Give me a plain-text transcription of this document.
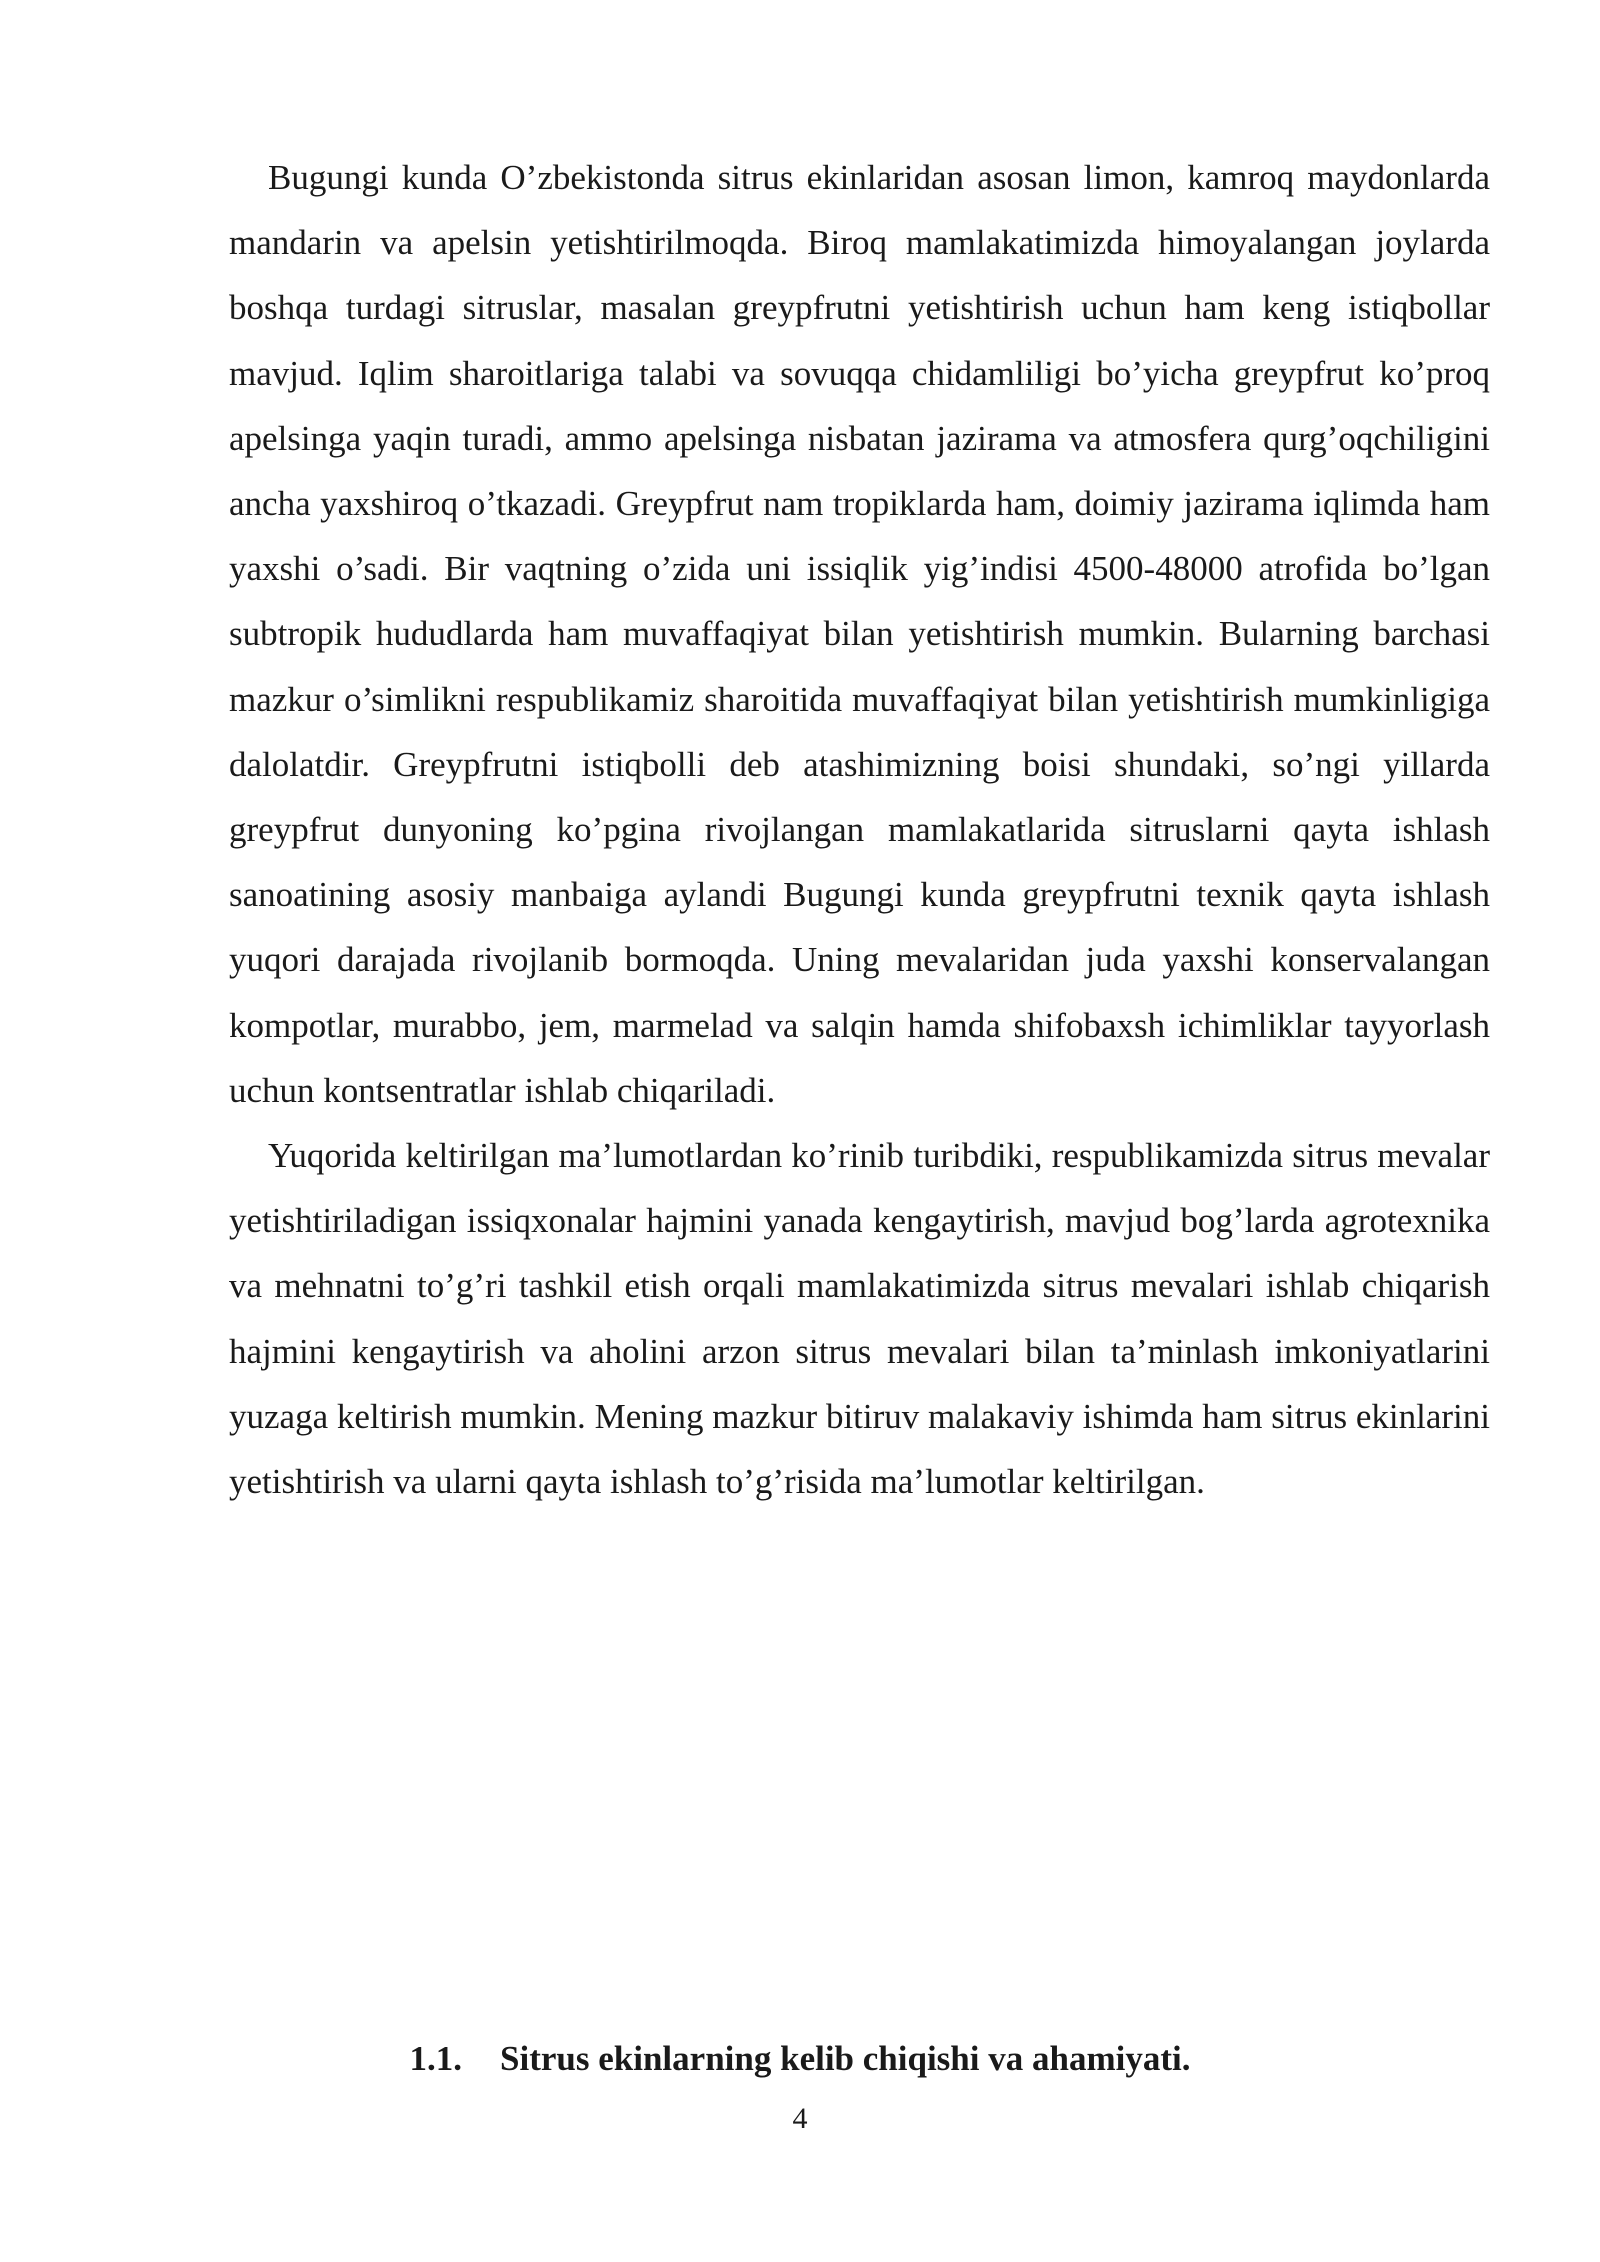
Bugungi kunda O’zbekistonda sitrus ekinlaridan asosan limon, kamroq maydonlarda mandarin va apelsin yetishtirilmoqda. Biroq mamlakatimizda himoyalangan joylarda boshqa turdagi sitruslar, masalan greypfrutni yetishtirish uchun ham keng istiqbollar mavjud. Iqlim sharoitlariga talabi va sovuqqa chidamliligi bo’yicha greypfrut ko’proq apelsinga yaqin turadi, ammo apelsinga nisbatan jazirama va atmosfera qurg’oqchiligini ancha yaxshiroq o’tkazadi. Greypfrut nam tropiklarda ham, doimiy jazirama iqlimda ham yaxshi o’sadi. Bir vaqtning o’zida uni issiqlik yig’indisi 4500-48000 atrofida bo’lgan subtropik hududlarda ham muvaffaqiyat bilan yetishtirish mumkin. Bularning barchasi mazkur o’simlikni respublikamiz sharoitida muvaffaqiyat bilan yetishtirish mumkinligiga dalolatdir. Greypfrutni istiqbolli deb atashimizning boisi shundaki, so’ngi yillarda greypfrut dunyoning ko’pgina rivojlangan mamlakatlarida sitruslarni qayta ishlash sanoatining asosiy manbaiga aylandi Bugungi kunda greypfrutni texnik qayta ishlash yuqori darajada rivojlanib bormoqda. Uning mevalaridan juda yaxshi konservalangan kompotlar, murabbo, jem, marmelad va salqin hamda shifobaxsh ichimliklar tayyorlash uchun kontsentratlar ishlab chiqariladi.

Yuqorida keltirilgan ma’lumotlardan ko’rinib turibdiki, respublikamizda sitrus mevalar yetishtiriladigan issiqxonalar hajmini yanada kengaytirish, mavjud bog’larda agrotexnika va mehnatni to’g’ri tashkil etish orqali mamlakatimizda sitrus mevalari ishlab chiqarish hajmini kengaytirish va aholini arzon sitrus mevalari bilan ta’minlash imkoniyatlarini yuzaga keltirish mumkin. Mening mazkur bitiruv malakaviy ishimda ham sitrus ekinlarini yetishtirish va ularni qayta ishlash to’g’risida ma’lumotlar keltirilgan.

1.1. Sitrus ekinlarning kelib chiqishi va ahamiyati.
4
